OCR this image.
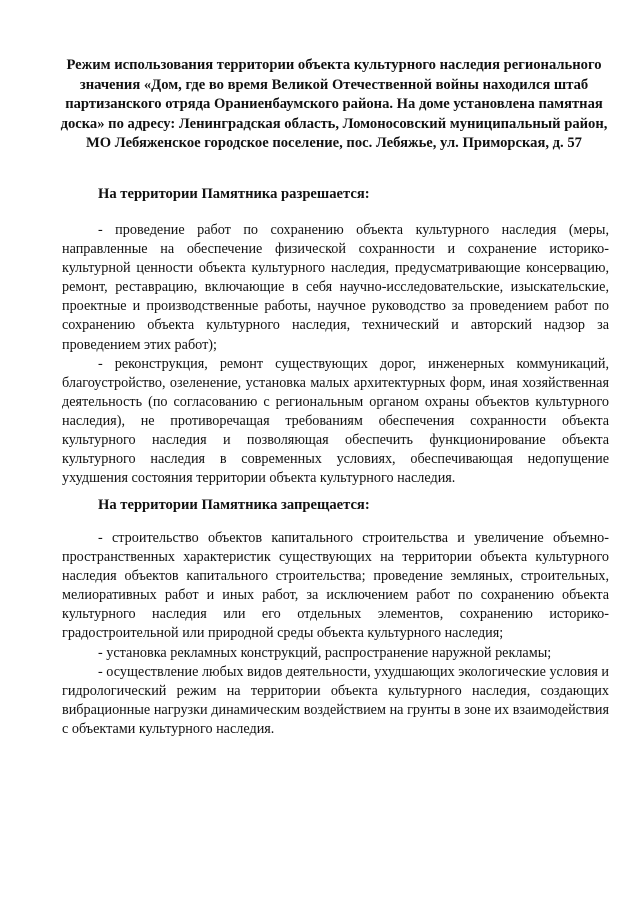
Режим использования территории объекта культурного наследия регионального значения «Дом, где во время Великой Отечественной войны находился штаб партизанского отряда Ораниенбаумского района. На доме установлена памятная доска» по адресу: Ленинградская область, Ломоносовский муниципальный район, МО Лебяженское городское поселение, пос. Лебяжье, ул. Приморская, д. 57
На территории Памятника разрешается:

- проведение работ по сохранению объекта культурного наследия (меры, направленные на обеспечение физической сохранности и сохранение историко-культурной ценности объекта культурного наследия, предусматривающие консервацию, ремонт, реставрацию, включающие в себя научно-исследовательские, изыскательские, проектные и производственные работы, научное руководство за проведением работ по сохранению объекта культурного наследия, технический и авторский надзор за проведением этих работ);

- реконструкция, ремонт существующих дорог, инженерных коммуникаций, благоустройство, озеленение, установка малых архитектурных форм, иная хозяйственная деятельность (по согласованию с региональным органом охраны объектов культурного наследия), не противоречащая требованиям обеспечения сохранности объекта культурного наследия и позволяющая обеспечить функционирование объекта культурного наследия в современных условиях, обеспечивающая недопущение ухудшения состояния территории объекта культурного наследия.

На территории Памятника запрещается:

- строительство объектов капитального строительства и увеличение объемно-пространственных характеристик существующих на территории объекта культурного наследия объектов капитального строительства; проведение земляных, строительных, мелиоративных работ и иных работ, за исключением работ по сохранению объекта культурного наследия или его отдельных элементов, сохранению историко-градостроительной или природной среды объекта культурного наследия;

- установка рекламных конструкций, распространение наружной рекламы;

- осуществление любых видов деятельности, ухудшающих экологические условия и гидрологический режим на территории объекта культурного наследия, создающих вибрационные нагрузки динамическим воздействием на грунты в зоне их взаимодействия с объектами культурного наследия.
